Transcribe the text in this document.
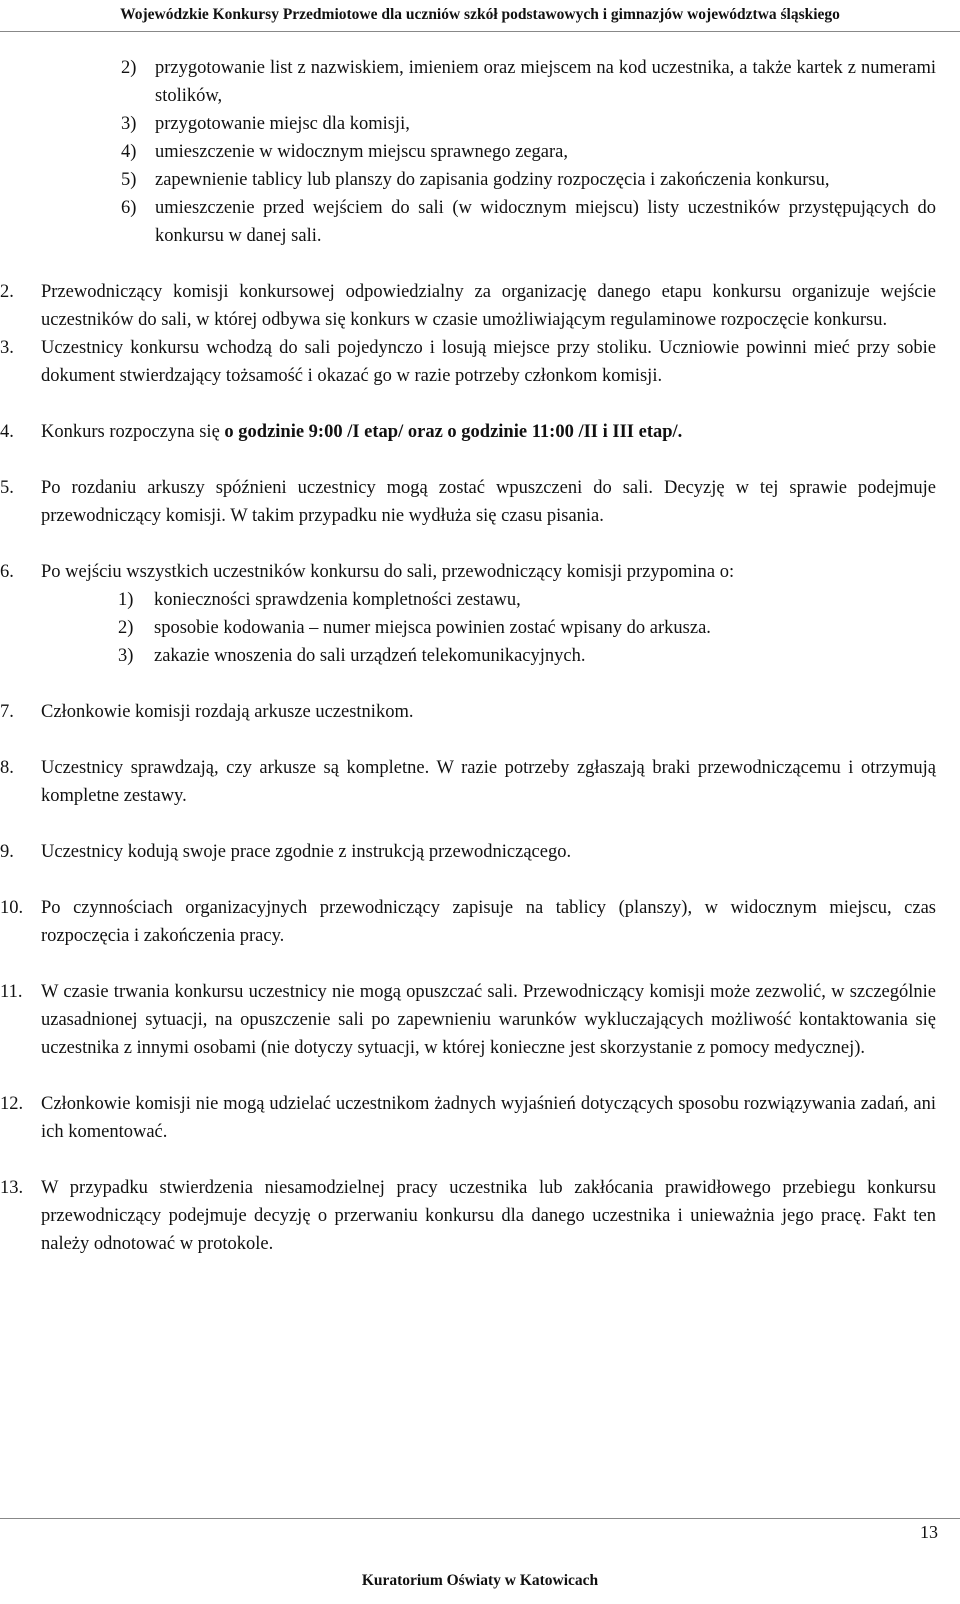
Wojewódzkie Konkursy Przedmiotowe dla uczniów szkół podstawowych i gimnazjów województwa śląskiego
2) przygotowanie list z nazwiskiem, imieniem oraz miejscem na kod uczestnika, a także kartek z numerami stolików,
3) przygotowanie miejsc dla komisji,
4) umieszczenie w widocznym miejscu sprawnego zegara,
5) zapewnienie tablicy lub planszy do zapisania godziny rozpoczęcia i zakończenia konkursu,
6) umieszczenie przed wejściem do sali (w widocznym miejscu) listy uczestników przystępujących do konkursu w danej sali.
2. Przewodniczący komisji konkursowej odpowiedzialny za organizację danego etapu konkursu organizuje wejście uczestników do sali, w której odbywa się konkurs w czasie umożliwiającym regulaminowe rozpoczęcie konkursu.
3. Uczestnicy konkursu wchodzą do sali pojedynczo i losują miejsce przy stoliku. Uczniowie powinni mieć przy sobie dokument stwierdzający tożsamość i okazać go w razie potrzeby członkom komisji.
4. Konkurs rozpoczyna się o godzinie 9:00 /I etap/ oraz o godzinie 11:00 /II i III etap/.
5. Po rozdaniu arkuszy spóźnieni uczestnicy mogą zostać wpuszczeni do sali. Decyzję w tej sprawie podejmuje przewodniczący komisji. W takim przypadku nie wydłuża się czasu pisania.
6. Po wejściu wszystkich uczestników konkursu do sali, przewodniczący komisji przypomina o:
1) konieczności sprawdzenia kompletności zestawu,
2) sposobie kodowania – numer miejsca powinien zostać wpisany do arkusza.
3) zakazie wnoszenia do sali urządzeń telekomunikacyjnych.
7. Członkowie komisji rozdają arkusze uczestnikom.
8. Uczestnicy sprawdzają, czy arkusze są kompletne. W razie potrzeby zgłaszają braki przewodniczącemu i otrzymują kompletne zestawy.
9. Uczestnicy kodują swoje prace zgodnie z instrukcją przewodniczącego.
10. Po czynnościach organizacyjnych przewodniczący zapisuje na tablicy (planszy), w widocznym miejscu, czas rozpoczęcia i zakończenia pracy.
11. W czasie trwania konkursu uczestnicy nie mogą opuszczać sali. Przewodniczący komisji może zezwolić, w szczególnie uzasadnionej sytuacji, na opuszczenie sali po zapewnieniu warunków wykluczających możliwość kontaktowania się uczestnika z innymi osobami (nie dotyczy sytuacji, w której konieczne jest skorzystanie z pomocy medycznej).
12. Członkowie komisji nie mogą udzielać uczestnikom żadnych wyjaśnień dotyczących sposobu rozwiązywania zadań, ani ich komentować.
13. W przypadku stwierdzenia niesamodzielnej pracy uczestnika lub zakłócania prawidłowego przebiegu konkursu przewodniczący podejmuje decyzję o przerwaniu konkursu dla danego uczestnika i unieważnia jego pracę. Fakt ten należy odnotować w protokole.
13
Kuratorium Oświaty w Katowicach
